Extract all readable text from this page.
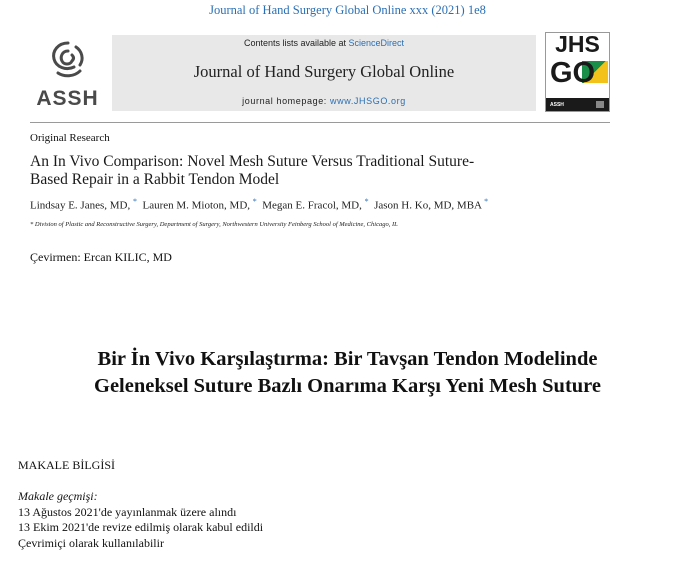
Journal of Hand Surgery Global Online xxx (2021) 1e8
ASSH
Contents lists available at ScienceDirect
Journal of Hand Surgery Global Online
journal homepage: www.JHSGO.org
JHS
GO
ASSH
Original Research
An In Vivo Comparison: Novel Mesh Suture Versus Traditional Suture-
Based Repair in a Rabbit Tendon Model
Lindsay E. Janes, MD, * Lauren M. Mioton, MD, * Megan E. Fracol, MD, * Jason H. Ko, MD, MBA *
* Division of Plastic and Reconstructive Surgery, Department of Surgery, Northwestern University Feinberg School of Medicine, Chicago, IL
Çevirmen: Ercan KILIC, MD
Bir İn Vivo Karşılaştırma: Bir Tavşan Tendon Modelinde
Geleneksel Suture Bazlı Onarıma Karşı Yeni Mesh Suture
MAKALE BİLGİSİ
Makale geçmişi:
13 Ağustos 2021'de yayınlanmak üzere alındı
13 Ekim 2021'de revize edilmiş olarak kabul edildi
Çevrimiçi olarak kullanılabilir
